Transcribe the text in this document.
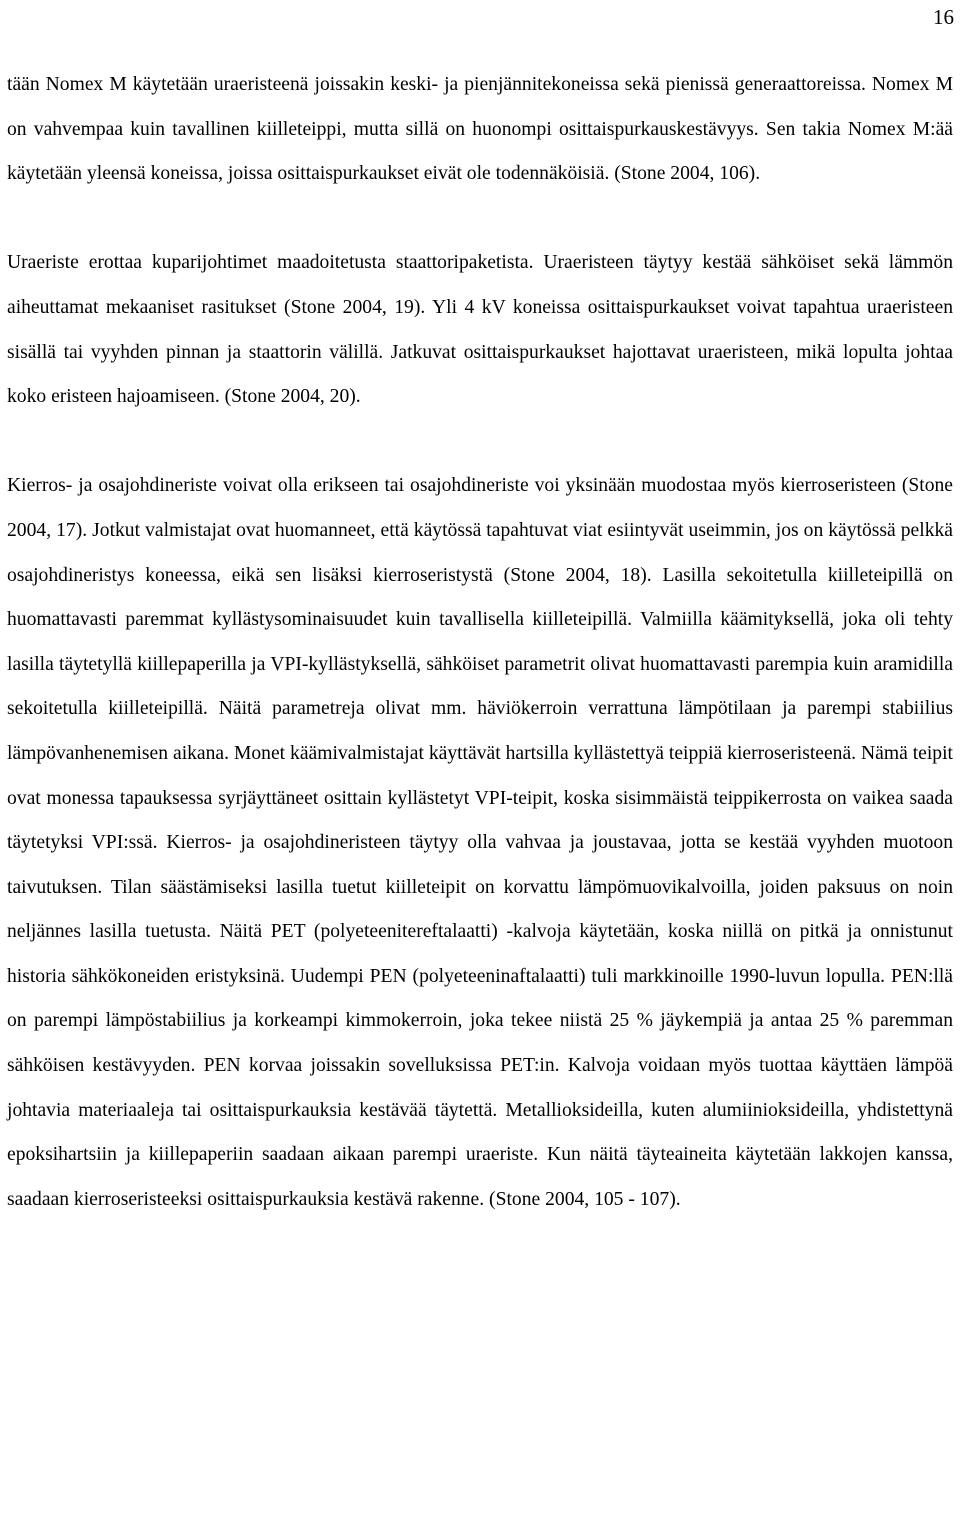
16

tään Nomex M käytetään uraeristeenä joissakin keski- ja pienjännitekoneissa sekä pienissä generaattoreissa. Nomex M on vahvempaa kuin tavallinen kiilleteippi, mutta sillä on huonompi osittaispurkauskestävyys. Sen takia Nomex M:ää käytetään yleensä koneissa, joissa osittaispurkaukset eivät ole todennäköisiä. (Stone 2004, 106).

Uraeriste erottaa kuparijohtimet maadoitetusta staattoripaketista. Uraeristeen täytyy kestää sähköiset sekä lämmön aiheuttamat mekaaniset rasitukset (Stone 2004, 19). Yli 4 kV koneissa osittaispurkaukset voivat tapahtua uraeristeen sisällä tai vyyhden pinnan ja staattorin välillä. Jatkuvat osittaispurkaukset hajottavat uraeristeen, mikä lopulta johtaa koko eristeen hajoamiseen. (Stone 2004, 20).

Kierros- ja osajohdineriste voivat olla erikseen tai osajohdineriste voi yksinään muodostaa myös kierroseristeen (Stone 2004, 17). Jotkut valmistajat ovat huomanneet, että käytössä tapahtuvat viat esiintyvät useimmin, jos on käytössä pelkkä osajohdineristys koneessa, eikä sen lisäksi kierroseristystä (Stone 2004, 18). Lasilla sekoitetulla kiilleteipillä on huomattavasti paremmat kyllästysominaisuudet kuin tavallisella kiilleteipillä. Valmiilla käämityksellä, joka oli tehty lasilla täytetyllä kiillepaperilla ja VPI-kyllästyksellä, sähköiset parametrit olivat huomattavasti parempia kuin aramidilla sekoitetulla kiilleteipillä. Näitä parametreja olivat mm. häviökerroin verrattuna lämpötilaan ja parempi stabiilius lämpövanhenemisen aikana. Monet käämivalmistajat käyttävät hartsilla kyllästettyä teippiä kierroseristeenä. Nämä teipit ovat monessa tapauksessa syrjäyttäneet osittain kyllästetyt VPI-teipit, koska sisimmäistä teippikerrosta on vaikea saada täytetyksi VPI:ssä. Kierros- ja osajohdineristeen täytyy olla vahvaa ja joustavaa, jotta se kestää vyyhden muotoon taivutuksen. Tilan säästämiseksi lasilla tuetut kiilleteipit on korvattu lämpömuovikalvoilla, joiden paksuus on noin neljännes lasilla tuetusta. Näitä PET (polyeteenitereftalaatti) -kalvoja käytetään, koska niillä on pitkä ja onnistunut historia sähkökoneiden eristyksinä. Uudempi PEN (polyeteeninaftalaatti) tuli markkinoille 1990-luvun lopulla. PEN:llä on parempi lämpöstabiilius ja korkeampi kimmokerroin, joka tekee niistä 25 % jäykempiä ja antaa 25 % paremman sähköisen kestävyyden. PEN korvaa joissakin sovelluksissa PET:in. Kalvoja voidaan myös tuottaa käyttäen lämpöä johtavia materiaaleja tai osittaispurkauksia kestävää täytettä. Metallioksideilla, kuten alumiinioksideilla, yhdistettynä epoksihartsiin ja kiillepaperiin saadaan aikaan parempi uraeriste. Kun näitä täyteaineita käytetään lakkojen kanssa, saadaan kierroseristeeksi osittaispurkauksia kestävä rakenne. (Stone 2004, 105 - 107).
